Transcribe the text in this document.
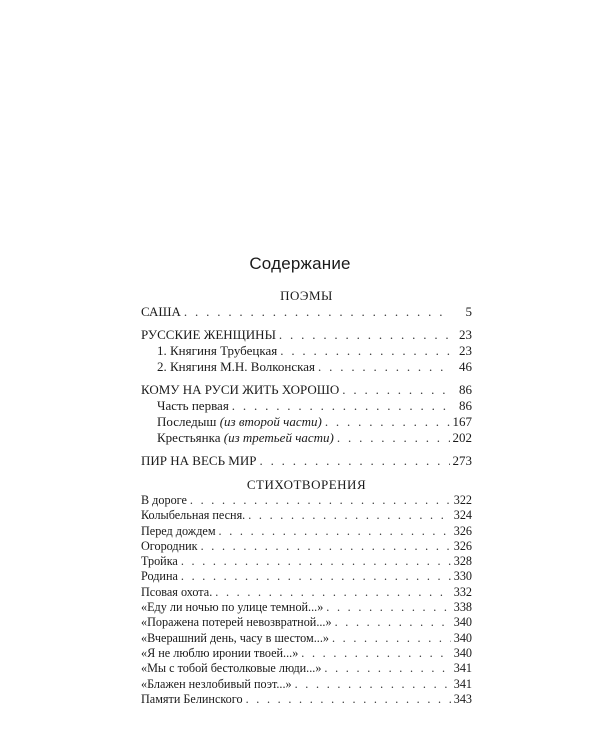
Содержание
ПОЭМЫ
САША . . .	5
РУССКИЕ ЖЕНЩИНЫ . . .	23
1. Княгиня Трубецкая . . .	23
2. Княгиня М.Н. Волконская . . .	46
КОМУ НА РУСИ ЖИТЬ ХОРОШО . . .	86
Часть первая . . .	86
Последыш (из второй части) . . .	167
Крестьянка (из третьей части) . . .	202
ПИР НА ВЕСЬ МИР . . .	273
СТИХОТВОРЕНИЯ
В дороге . . .	322
Колыбельная песня. . . .	324
Перед дождем . . .	326
Огородник . . .	326
Тройка . . .	328
Родина . . .	330
Псовая охота. . . .	332
«Еду ли ночью по улице темной...» . . .	338
«Поражена потерей невозвратной...» . . .	340
«Вчерашний день, часу в шестом...» . . .	340
«Я не люблю иронии твоей...» . . .	340
«Мы с тобой бестолковые люди...» . . .	341
«Блажен незлобивый поэт...» . . .	341
Памяти Белинского . . .	343
